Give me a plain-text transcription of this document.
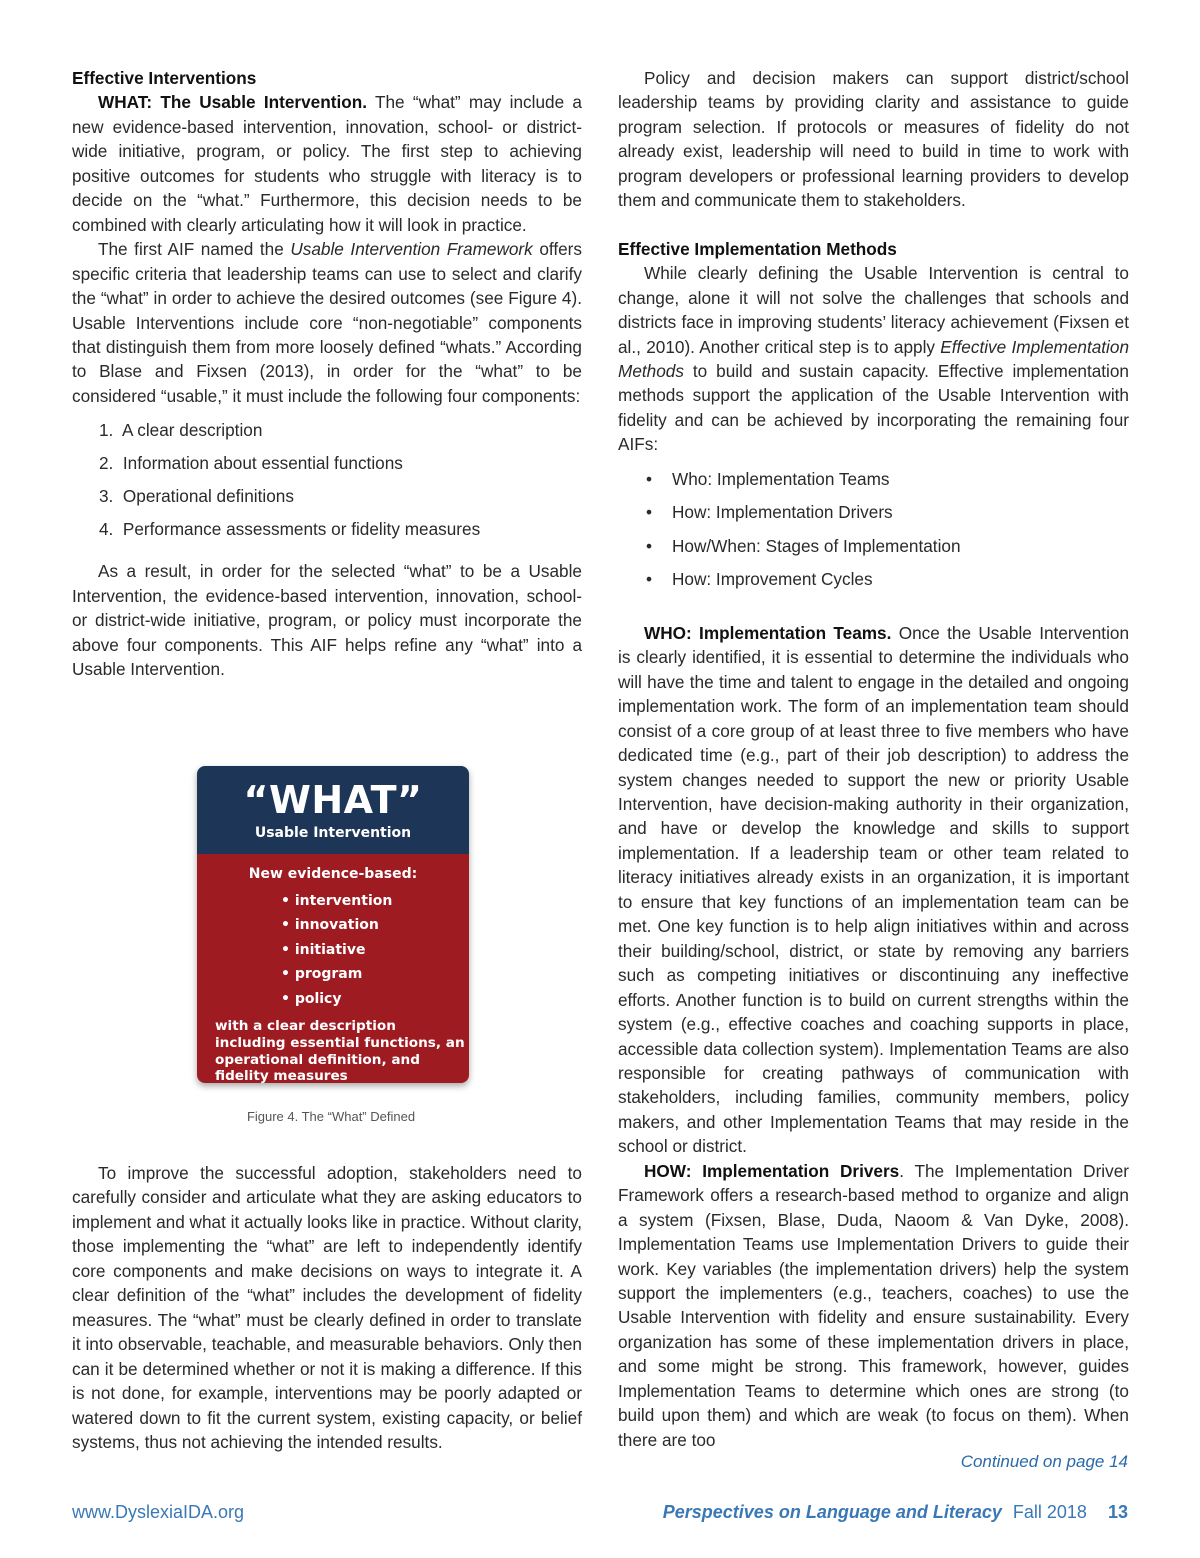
Effective Interventions

WHAT: The Usable Intervention. The “what” may include a new evidence-based intervention, innovation, school- or district-wide initiative, program, or policy. The first step to achieving positive outcomes for students who struggle with literacy is to decide on the “what.” Furthermore, this decision needs to be combined with clearly articulating how it will look in practice.

The first AIF named the Usable Intervention Framework offers specific criteria that leadership teams can use to select and clarify the “what” in order to achieve the desired outcomes (see Figure 4). Usable Interventions include core “non-negotiable” components that distinguish them from more loosely defined “whats.” According to Blase and Fixsen (2013), in order for the “what” to be considered “usable,” it must include the following four components:

1. A clear description
2. Information about essential functions
3. Operational definitions
4. Performance assessments or fidelity measures

As a result, in order for the selected “what” to be a Usable Intervention, the evidence-based intervention, innovation, school- or district-wide initiative, program, or policy must incorporate the above four components. This AIF helps refine any “what” into a Usable Intervention.

“WHAT”
Usable Intervention
New evidence-based:
• intervention
• innovation
• initiative
• program
• policy
with a clear description including essential functions, an operational definition, and fidelity measures
Figure 4. The “What” Defined

To improve the successful adoption, stakeholders need to carefully consider and articulate what they are asking educators to implement and what it actually looks like in practice. Without clarity, those implementing the “what” are left to independently identify core components and make decisions on ways to integrate it. A clear definition of the “what” includes the development of fidelity measures. The “what” must be clearly defined in order to translate it into observable, teachable, and measurable behaviors. Only then can it be determined whether or not it is making a difference. If this is not done, for example, interventions may be poorly adapted or watered down to fit the current system, existing capacity, or belief systems, thus not achieving the intended results.

Policy and decision makers can support district/school leadership teams by providing clarity and assistance to guide program selection. If protocols or measures of fidelity do not already exist, leadership will need to build in time to work with program developers or professional learning providers to develop them and communicate them to stakeholders.

Effective Implementation Methods

While clearly defining the Usable Intervention is central to change, alone it will not solve the challenges that schools and districts face in improving students’ literacy achievement (Fixsen et al., 2010). Another critical step is to apply Effective Implementation Methods to build and sustain capacity. Effective implementation methods support the application of the Usable Intervention with fidelity and can be achieved by incorporating the remaining four AIFs:

• Who: Implementation Teams
• How: Implementation Drivers
• How/When: Stages of Implementation
• How: Improvement Cycles

WHO: Implementation Teams. Once the Usable Intervention is clearly identified, it is essential to determine the individuals who will have the time and talent to engage in the detailed and ongoing implementation work. The form of an implementation team should consist of a core group of at least three to five members who have dedicated time (e.g., part of their job description) to address the system changes needed to support the new or priority Usable Intervention, have decision-making authority in their organization, and have or develop the knowledge and skills to support implementation. If a leadership team or other team related to literacy initiatives already exists in an organization, it is important to ensure that key functions of an implementation team can be met. One key function is to help align initiatives within and across their building/school, district, or state by removing any barriers such as competing initiatives or discontinuing any ineffective efforts. Another function is to build on current strengths within the system (e.g., effective coaches and coaching supports in place, accessible data collection system). Implementation Teams are also responsible for creating pathways of communication with stakeholders, including families, community members, policy makers, and other Implementation Teams that may reside in the school or district.

HOW: Implementation Drivers. The Implementation Driver Framework offers a research-based method to organize and align a system (Fixsen, Blase, Duda, Naoom & Van Dyke, 2008). Implementation Teams use Implementation Drivers to guide their work. Key variables (the implementation drivers) help the system support the implementers (e.g., teachers, coaches) to use the Usable Intervention with fidelity and ensure sustainability. Every organization has some of these implementation drivers in place, and some might be strong. This framework, however, guides Implementation Teams to determine which ones are strong (to build upon them) and which are weak (to focus on them). When there are too

Continued on page 14
www.DyslexiaIDA.org	Perspectives on Language and Literacy Fall 2018 13
